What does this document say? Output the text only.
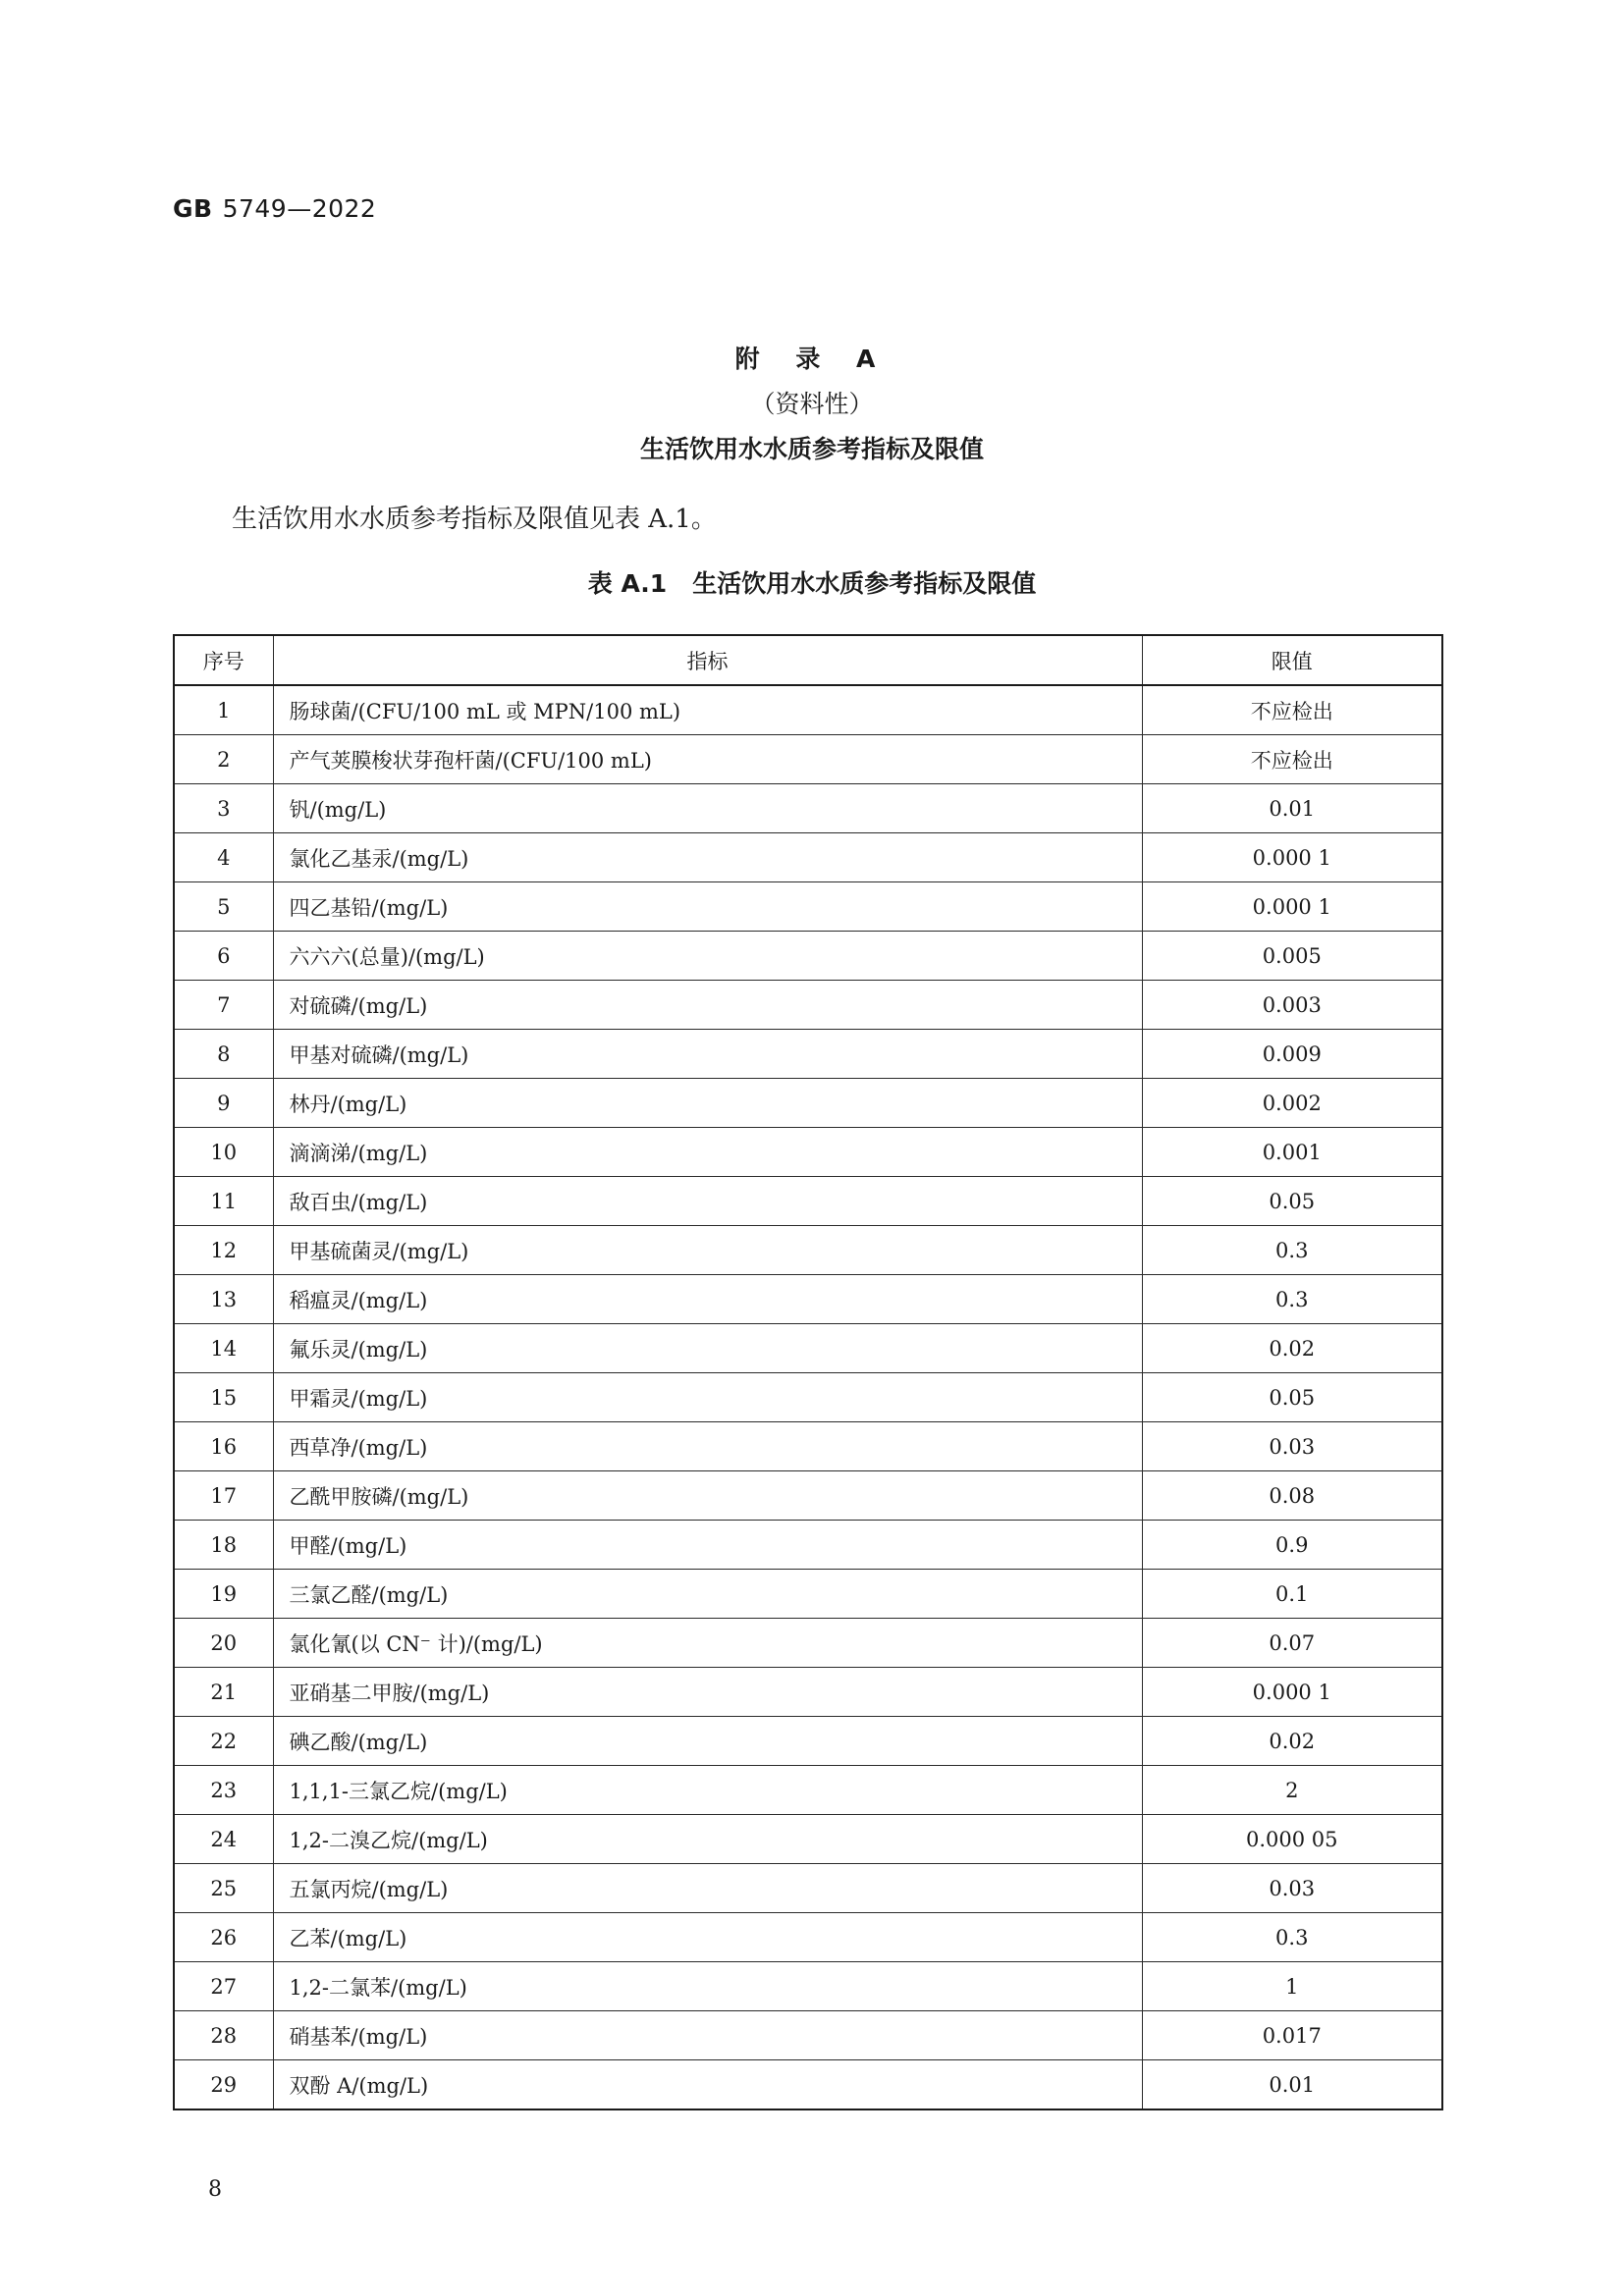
GB 5749—2022
附 录 A
（资料性）
生活饮用水水质参考指标及限值
生活饮用水水质参考指标及限值见表 A.1。
表 A.1 生活饮用水水质参考指标及限值
序号	指标	限值
1	肠球菌/(CFU/100 mL 或 MPN/100 mL)	不应检出
2	产气荚膜梭状芽孢杆菌/(CFU/100 mL)	不应检出
3	钒/(mg/L)	0.01
4	氯化乙基汞/(mg/L)	0.000 1
5	四乙基铅/(mg/L)	0.000 1
6	六六六(总量)/(mg/L)	0.005
7	对硫磷/(mg/L)	0.003
8	甲基对硫磷/(mg/L)	0.009
9	林丹/(mg/L)	0.002
10	滴滴涕/(mg/L)	0.001
11	敌百虫/(mg/L)	0.05
12	甲基硫菌灵/(mg/L)	0.3
13	稻瘟灵/(mg/L)	0.3
14	氟乐灵/(mg/L)	0.02
15	甲霜灵/(mg/L)	0.05
16	西草净/(mg/L)	0.03
17	乙酰甲胺磷/(mg/L)	0.08
18	甲醛/(mg/L)	0.9
19	三氯乙醛/(mg/L)	0.1
20	氯化氰(以 CN⁻ 计)/(mg/L)	0.07
21	亚硝基二甲胺/(mg/L)	0.000 1
22	碘乙酸/(mg/L)	0.02
23	1,1,1-三氯乙烷/(mg/L)	2
24	1,2-二溴乙烷/(mg/L)	0.000 05
25	五氯丙烷/(mg/L)	0.03
26	乙苯/(mg/L)	0.3
27	1,2-二氯苯/(mg/L)	1
28	硝基苯/(mg/L)	0.017
29	双酚 A/(mg/L)	0.01
8
